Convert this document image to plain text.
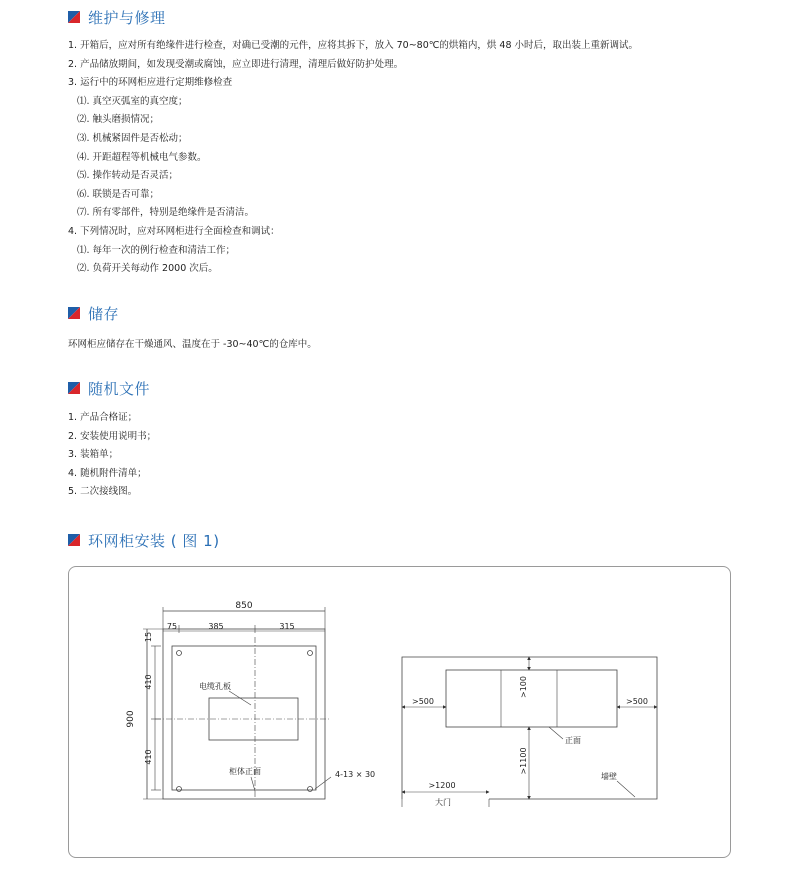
维护与修理
1. 开箱后，应对所有绝缘件进行检查，对确已受潮的元件，应将其拆下，放入 70~80℃的烘箱内，烘 48 小时后，取出装上重新调试。
2. 产品储放期间，如发现受潮或腐蚀，应立即进行清理，清理后做好防护处理。
3. 运行中的环网柜应进行定期维修检查
⑴. 真空灭弧室的真空度；
⑵. 触头磨损情况；
⑶. 机械紧固件是否松动；
⑷. 开距超程等机械电气参数。
⑸. 操作转动是否灵活；
⑹. 联锁是否可靠；
⑺. 所有零部件，特别是绝缘件是否清洁。
4. 下列情况时，应对环网柜进行全面检查和调试：
⑴. 每年一次的例行检查和清洁工作；
⑵. 负荷开关每动作 2000 次后。
储存
环网柜应储存在干燥通风、温度在于 -30~40℃的仓库中。
随机文件
1. 产品合格证；
2. 安装使用说明书；
3. 装箱单；
4. 随机附件清单；
5. 二次接线图。
环网柜安装 ( 图 1)
850
75	385	315
15
900
410
410
电缆孔板
柜体正面	4-13 × 30
>500	>500
>100
>1100
>1200
正面
墙壁
大门
